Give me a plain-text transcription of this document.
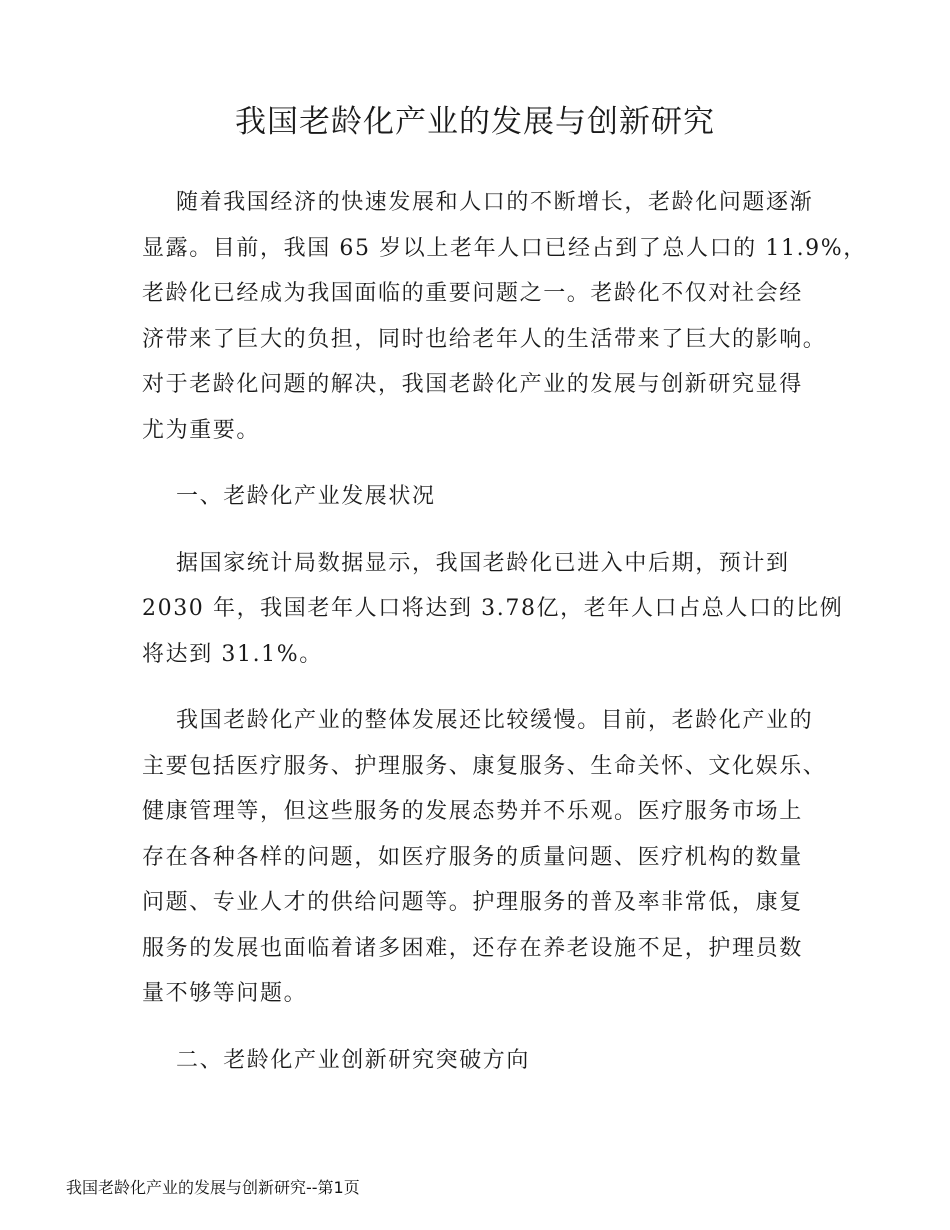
我国老龄化产业的发展与创新研究

随着我国经济的快速发展和人口的不断增长，老龄化问题逐渐
显露。目前，我国 65 岁以上老年人口已经占到了总人口的 11.9%，
老龄化已经成为我国面临的重要问题之一。老龄化不仅对社会经
济带来了巨大的负担，同时也给老年人的生活带来了巨大的影响。
对于老龄化问题的解决，我国老龄化产业的发展与创新研究显得
尤为重要。

一、老龄化产业发展状况

据国家统计局数据显示，我国老龄化已进入中后期，预计到
2030 年，我国老年人口将达到 3.78亿，老年人口占总人口的比例
将达到 31.1%。

我国老龄化产业的整体发展还比较缓慢。目前，老龄化产业的
主要包括医疗服务、护理服务、康复服务、生命关怀、文化娱乐、
健康管理等，但这些服务的发展态势并不乐观。医疗服务市场上
存在各种各样的问题，如医疗服务的质量问题、医疗机构的数量
问题、专业人才的供给问题等。护理服务的普及率非常低，康复
服务的发展也面临着诸多困难，还存在养老设施不足，护理员数
量不够等问题。

二、老龄化产业创新研究突破方向
我国老龄化产业的发展与创新研究--第1页
